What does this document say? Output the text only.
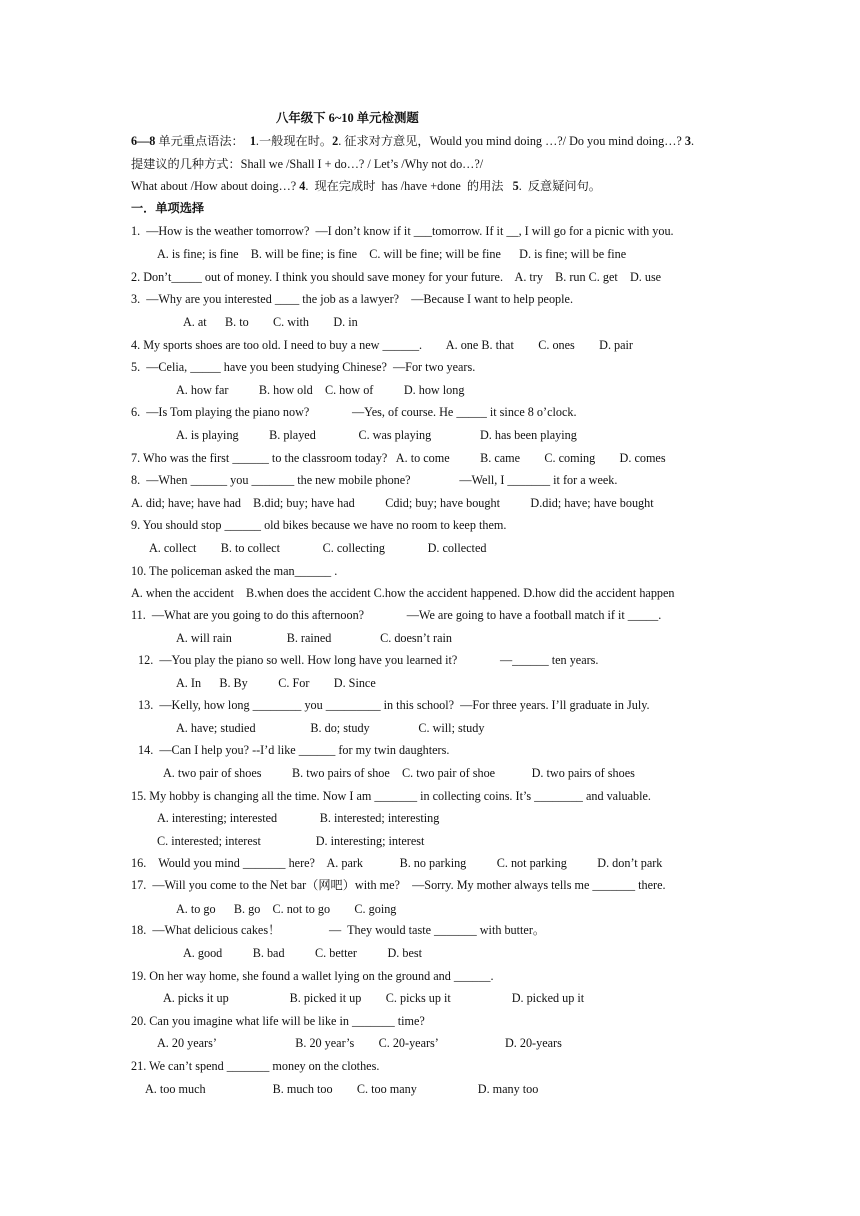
八年级下 6~10 单元检测题
6—8 单元重点语法：  1.一般现在时。2. 征求对方意见，Would you mind doing …?/ Do you mind doing…? 3.
提建议的几种方式：Shall we /Shall I + do…? / Let’s /Why not do…?/
What about /How about doing…? 4.  现在完成时  has /have +done  的用法   5.  反意疑问句。
一．单项选择
1.  —How is the weather tomorrow?  —I don’t know if it ___tomorrow. If it __, I will go for a picnic with you.
A. is fine; is fine    B. will be fine; is fine    C. will be fine; will be fine      D. is fine; will be fine
2. Don’t_____ out of money. I think you should save money for your future.    A. try    B. run C. get    D. use
3.  —Why are you interested ____ the job as a lawyer?    —Because I want to help people.
A. at      B. to        C. with        D. in
4. My sports shoes are too old. I need to buy a new ______.        A. one B. that        C. ones        D. pair
5.  —Celia, _____ have you been studying Chinese?  —For two years.
A. how far          B. how old    C. how of          D. how long
6.  —Is Tom playing the piano now?              —Yes, of course. He _____ it since 8 o’clock.
A. is playing          B. played              C. was playing                D. has been playing
7. Who was the first ______ to the classroom today?   A. to come          B. came        C. coming        D. comes
8.  —When ______ you _______ the new mobile phone?                —Well, I _______ it for a week.
A. did; have; have had    B.did; buy; have had          Cdid; buy; have bought          D.did; have; have bought
9. You should stop ______ old bikes because we have no room to keep them.
A. collect        B. to collect              C. collecting              D. collected
10. The policeman asked the man______ .
A. when the accident    B.when does the accident C.how the accident happened. D.how did the accident happen
11.  —What are you going to do this afternoon?              —We are going to have a football match if it _____.
A. will rain                  B. rained                C. doesn’t rain
12.  —You play the piano so well. How long have you learned it?              —______ ten years.
A. In      B. By          C. For        D. Since
13.  —Kelly, how long ________ you _________ in this school?  —For three years. I’ll graduate in July.
A. have; studied                  B. do; study                C. will; study
14.  —Can I help you? --I’d like ______ for my twin daughters.
A. two pair of shoes          B. two pairs of shoe    C. two pair of shoe            D. two pairs of shoes
15. My hobby is changing all the time. Now I am _______ in collecting coins. It’s ________ and valuable.
A. interesting; interested              B. interested; interesting
C. interested; interest                  D. interesting; interest
16.    Would you mind _______ here?    A. park            B. no parking          C. not parking          D. don’t park
17.  —Will you come to the Net bar（网吧）with me?    —Sorry. My mother always tells me _______ there.
A. to go      B. go    C. not to go        C. going
18.  —What delicious cakes！                —  They would taste _______ with butter。
A. good          B. bad          C. better          D. best
19. On her way home, she found a wallet lying on the ground and ______.
A. picks it up                    B. picked it up        C. picks up it                    D. picked up it
20. Can you imagine what life will be like in _______ time?
A. 20 years’                          B. 20 year’s        C. 20-years’                      D. 20-years
21. We can’t spend _______ money on the clothes.
A. too much                      B. much too        C. too many                    D. many too
